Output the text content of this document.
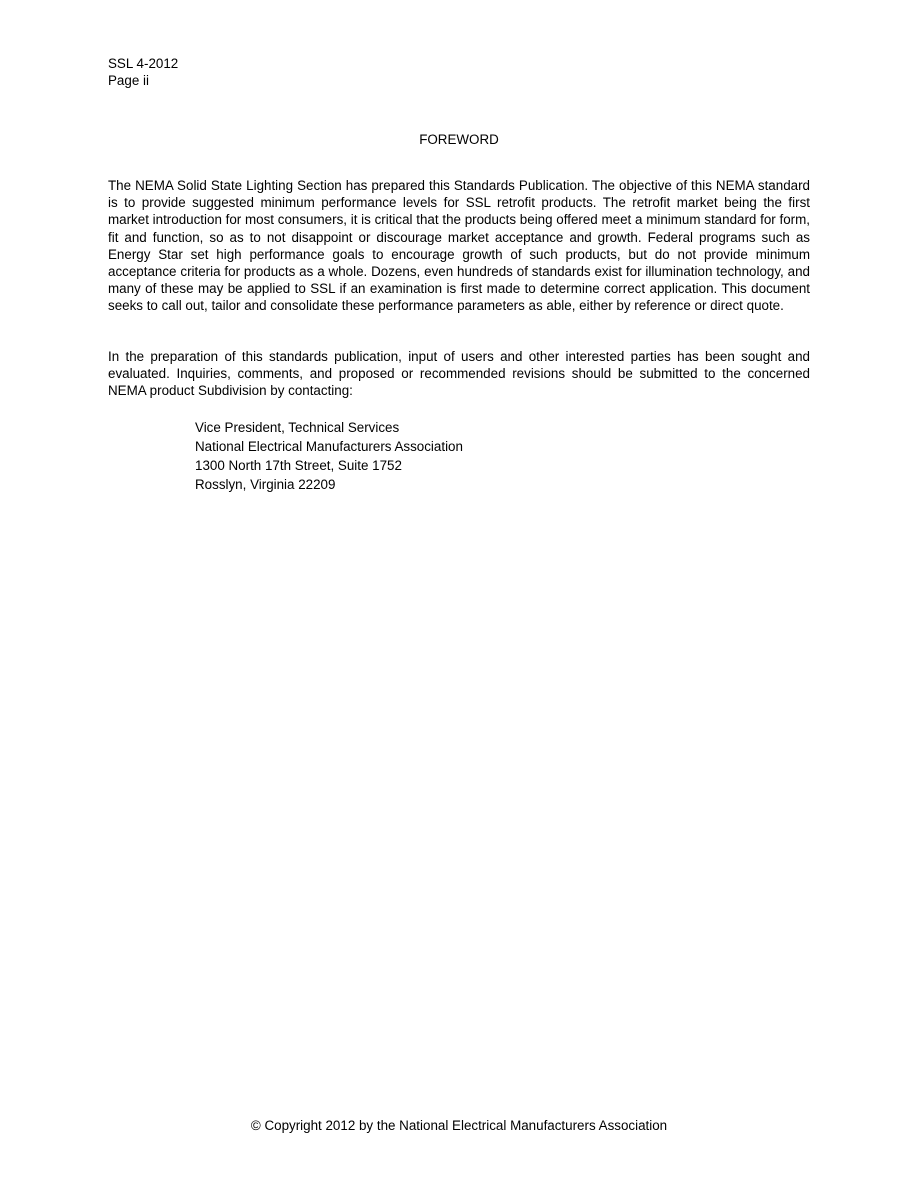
SSL 4-2012
Page ii
FOREWORD

The NEMA Solid State Lighting Section has prepared this Standards Publication. The objective of this NEMA standard is to provide suggested minimum performance levels for SSL retrofit products. The retrofit market being the first market introduction for most consumers, it is critical that the products being offered meet a minimum standard for form, fit and function, so as to not disappoint or discourage market acceptance and growth. Federal programs such as Energy Star set high performance goals to encourage growth of such products, but do not provide minimum acceptance criteria for products as a whole. Dozens, even hundreds of standards exist for illumination technology, and many of these may be applied to SSL if an examination is first made to determine correct application. This document seeks to call out, tailor and consolidate these performance parameters as able, either by reference or direct quote.

In the preparation of this standards publication, input of users and other interested parties has been sought and evaluated. Inquiries, comments, and proposed or recommended revisions should be submitted to the concerned NEMA product Subdivision by contacting:

Vice President, Technical Services
National Electrical Manufacturers Association
1300 North 17th Street, Suite 1752
Rosslyn, Virginia 22209
© Copyright 2012 by the National Electrical Manufacturers Association
